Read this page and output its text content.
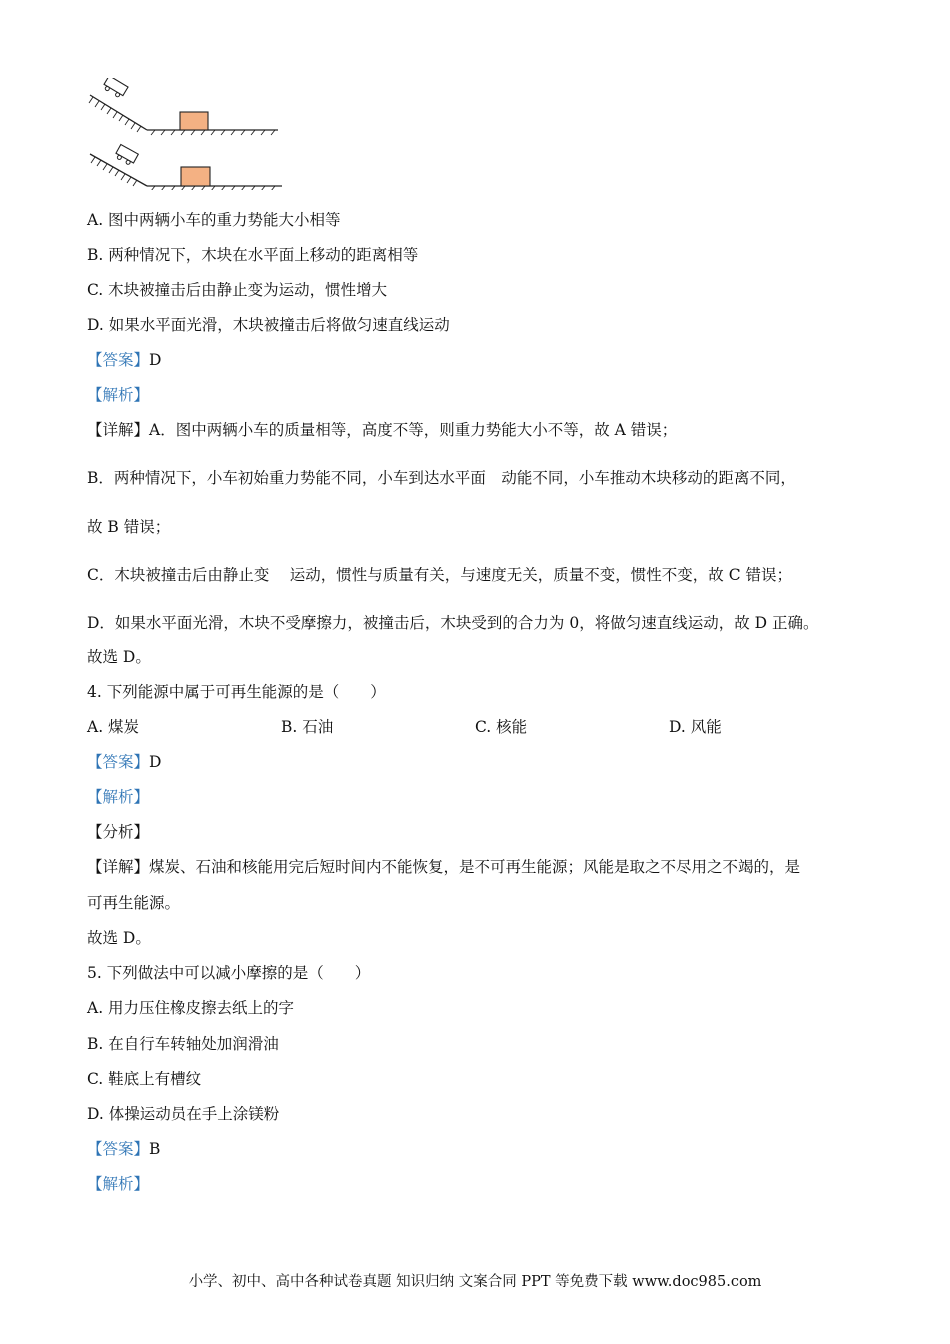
A. 图中两辆小车的重力势能大小相等
B. 两种情况下，木块在水平面上移动的距离相等
C. 木块被撞击后由静止变为运动，惯性增大
D. 如果水平面光滑，木块被撞击后将做匀速直线运动
【答案】D
【解析】
【详解】A．图中两辆小车的质量相等，高度不等，则重力势能大小不等，故 A 错误；
B．两种情况下，小车初始重力势能不同，小车到达水平面　动能不同，小车推动木块移动的距离不同，
故 B 错误；
C．木块被撞击后由静止变　 运动，惯性与质量有关，与速度无关，质量不变，惯性不变，故 C 错误；
D．如果水平面光滑，木块不受摩擦力，被撞击后，木块受到的合力为 0，将做匀速直线运动，故 D 正确。
故选 D。
4. 下列能源中属于可再生能源的是（　　）
A. 煤炭	B. 石油	C. 核能	D. 风能
【答案】D
【解析】
【分析】
【详解】煤炭、石油和核能用完后短时间内不能恢复，是不可再生能源；风能是取之不尽用之不竭的，是
可再生能源。
故选 D。
5. 下列做法中可以减小摩擦的是（　　）
A. 用力压住橡皮擦去纸上的字
B. 在自行车转轴处加润滑油
C. 鞋底上有槽纹
D. 体操运动员在手上涂镁粉
【答案】B
【解析】
小学、初中、高中各种试卷真题 知识归纳 文案合同 PPT 等免费下载 www.doc985.com
